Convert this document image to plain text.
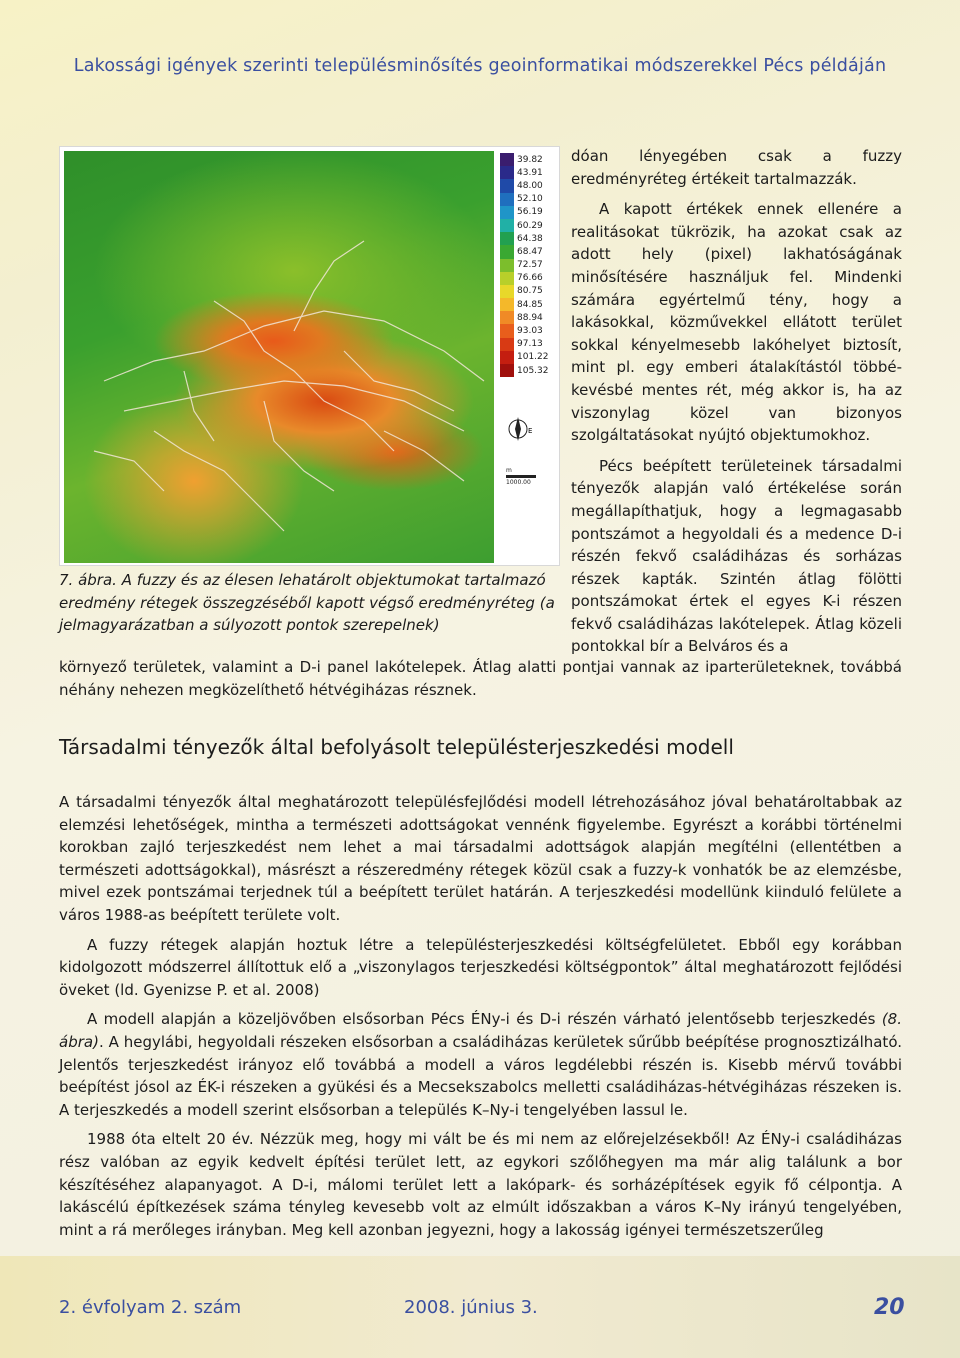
Lakossági igények szerinti településminősítés geoinformatikai módszerekkel Pécs példáján
39.82
43.91
48.00
52.10
56.19
60.29
64.38
68.47
72.57
76.66
80.75
84.85
88.94
93.03
97.13
101.22
105.32
E
m
1000.00
7. ábra. A fuzzy és az élesen lehatárolt objektumokat tartalmazó
eredmény rétegek összegzéséből kapott végső eredményréteg (a
jelmagyarázatban a súlyozott pontok szerepelnek)

dóan lényegében csak a fuzzy eredményréteg értékeit tartalmazzák.

A kapott értékek ennek ellenére a realitásokat tükrözik, ha azokat csak az adott hely (pixel) lakhatóságának minősítésére használjuk fel. Mindenki számára egyértelmű tény, hogy a lakásokkal, közművekkel ellátott terület sokkal kényelmesebb lakóhelyet biztosít, mint pl. egy emberi átalakítástól többé-kevésbé mentes rét, még akkor is, ha az viszonylag közel van bizonyos szolgáltatásokat nyújtó objektumokhoz.

Pécs beépített területeinek társadalmi tényezők alapján való értékelése során megállapíthatjuk, hogy a legmagasabb pontszámot a hegyoldali és a medence D-i részén fekvő családiházas és sorházas részek kapták. Szintén átlag fölötti pontszámokat értek el egyes K-i részen fekvő családiházas lakótelepek. Átlag közeli pontokkal bír a Belváros és a

környező területek, valamint a D-i panel lakótelepek. Átlag alatti pontjai vannak az iparterületeknek, továbbá néhány nehezen megközelíthető hétvégiházas résznek.

Társadalmi tényezők által befolyásolt településterjeszkedési modell

A társadalmi tényezők által meghatározott településfejlődési modell létrehozásához jóval behatároltabbak az elemzési lehetőségek, mintha a természeti adottságokat vennénk figyelembe. Egyrészt a korábbi történelmi korokban zajló terjeszkedést nem lehet a mai társadalmi adottságok alapján megítélni (ellentétben a természeti adottságokkal), másrészt a részeredmény rétegek közül csak a fuzzy-k vonhatók be az elemzésbe, mivel ezek pontszámai terjednek túl a beépített terület határán. A terjeszkedési modellünk kiinduló felülete a város 1988-as beépített területe volt.

A fuzzy rétegek alapján hoztuk létre a településterjeszkedési költségfelületet. Ebből egy korábban kidolgozott módszerrel állítottuk elő a „viszonylagos terjeszkedési költségpontok” által meghatározott fejlődési öveket (ld. Gyenizse P. et al. 2008)

A modell alapján a közeljövőben elsősorban Pécs ÉNy-i és D-i részén várható jelentősebb terjeszkedés (8. ábra). A hegylábi, hegyoldali részeken elsősorban a családiházas kerületek sűrűbb beépítése prognosztizálható. Jelentős terjeszkedést irányoz elő továbbá a modell a város legdélebbi részén is. Kisebb mérvű további beépítést jósol az ÉK-i részeken a gyükési és a Mecsekszabolcs melletti családiházas-hétvégiházas részeken is. A terjeszkedés a modell szerint elsősorban a település K–Ny-i tengelyében lassul le.

1988 óta eltelt 20 év. Nézzük meg, hogy mi vált be és mi nem az előrejelzésekből! Az ÉNy-i családiházas rész valóban az egyik kedvelt építési terület lett, az egykori szőlőhegyen ma már alig találunk a bor készítéséhez alapanyagot. A D-i, málomi terület lett a lakópark- és sorházépítések egyik fő célpontja. A lakáscélú építkezések száma tényleg kevesebb volt az elmúlt időszakban a város K–Ny irányú tengelyében, mint a rá merőleges irányban. Meg kell azonban jegyezni, hogy a lakosság igényei természetszerűleg

2. évfolyam 2. szám	2008. június 3.	20
